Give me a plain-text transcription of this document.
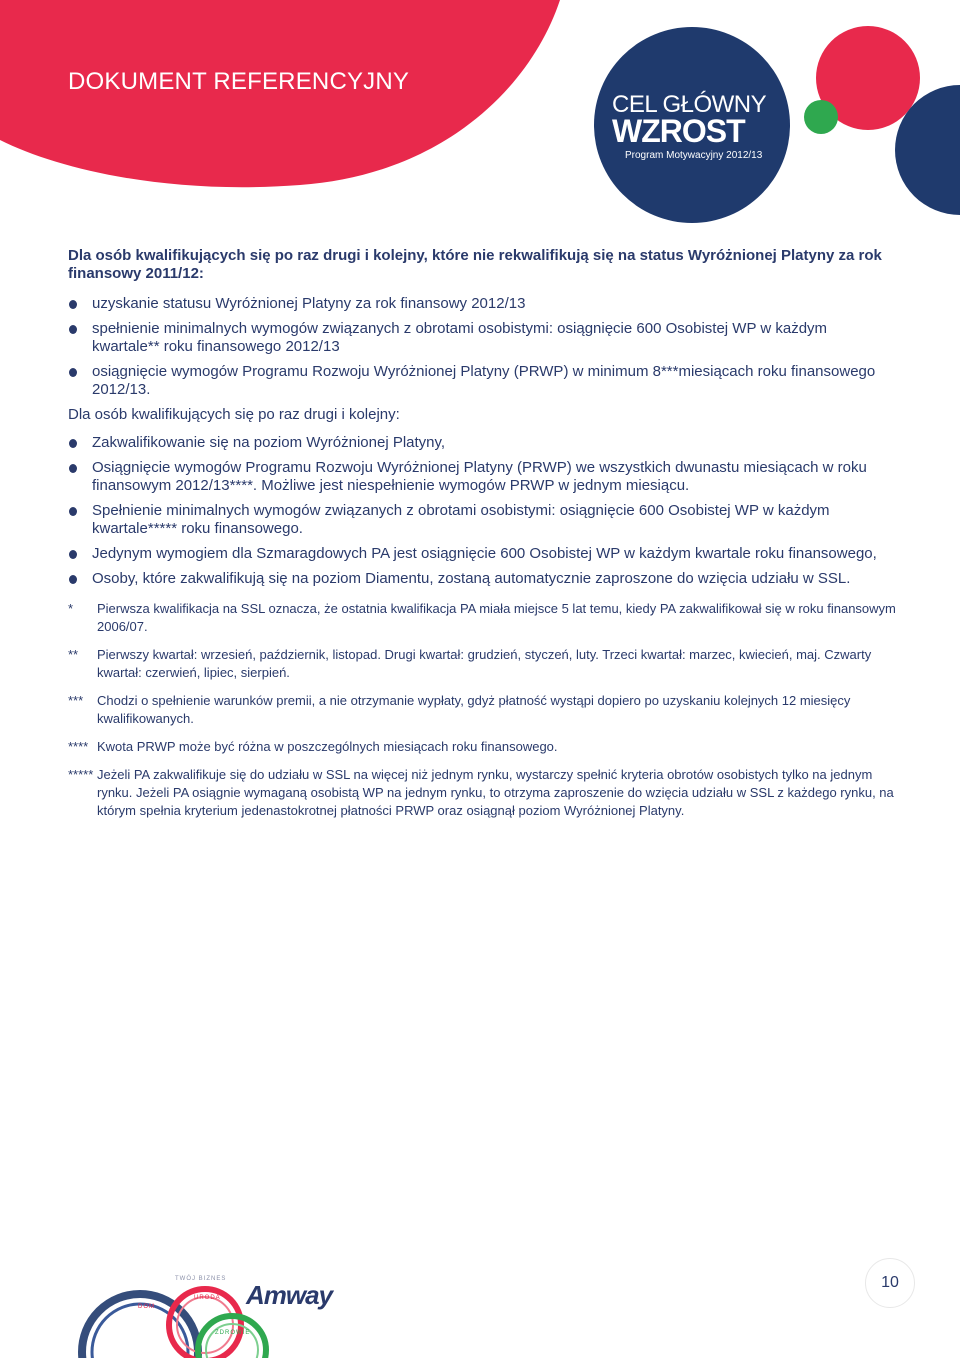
DOKUMENT REFERENCYJNY
CEL GŁÓWNY
WZROST
Program Motywacyjny 2012/13
Dla osób kwalifikujących się po raz drugi i kolejny, które nie rekwalifikują się na status Wyróżnionej Platyny za rok finansowy 2011/12:
uzyskanie statusu Wyróżnionej Platyny za rok finansowy 2012/13
spełnienie minimalnych wymogów związanych z obrotami osobistymi: osiągnięcie 600 Osobistej WP w każdym kwartale** roku finansowego 2012/13
osiągnięcie wymogów Programu Rozwoju Wyróżnionej Platyny (PRWP) w minimum 8***miesiącach roku finansowego 2012/13.
Dla osób kwalifikujących się po raz drugi i kolejny:
Zakwalifikowanie się na poziom Wyróżnionej Platyny,
Osiągnięcie wymogów Programu Rozwoju Wyróżnionej Platyny (PRWP) we wszystkich dwunastu miesiącach w roku finansowym 2012/13****. Możliwe jest niespełnienie wymogów PRWP w jednym miesiącu.
Spełnienie minimalnych wymogów związanych z obrotami osobistymi: osiągnięcie 600 Osobistej WP w każdym kwartale***** roku finansowego.
Jedynym wymogiem dla Szmaragdowych PA jest osiągnięcie 600 Osobistej WP w każdym kwartale roku finansowego,
Osoby, które zakwalifikują się na poziom Diamentu, zostaną automatycznie zaproszone do wzięcia udziału w SSL.
*	Pierwsza kwalifikacja na SSL oznacza, że ostatnia kwalifikacja PA miała miejsce 5 lat temu, kiedy PA zakwalifikował się w roku finansowym 2006/07.
**	Pierwszy kwartał: wrzesień, październik, listopad. Drugi kwartał: grudzień, styczeń, luty. Trzeci kwartał: marzec, kwiecień, maj. Czwarty kwartał: czerwień, lipiec, sierpień.
***	Chodzi o spełnienie warunków premii, a nie otrzymanie wypłaty, gdyż płatność wystąpi dopiero po uzyskaniu kolejnych 12 miesięcy kwalifikowanych.
**** Kwota PRWP może być różna w poszczególnych miesiącach roku finansowego.
***** Jeżeli PA zakwalifikuje się do udziału w SSL na więcej niż jednym rynku, wystarczy spełnić kryteria obrotów osobistych tylko na jednym rynku. Jeżeli PA osiągnie wymaganą osobistą WP na jednym rynku, to otrzyma zaproszenie do wzięcia udziału w SSL z każdego rynku, na którym spełnia kryterium jedenastokrotnej płatności PRWP oraz osiągnął poziom Wyróżnionej Platyny.
TWÓJ BIZNES
URODA
DOM
ZDROWIE
Amway	10
